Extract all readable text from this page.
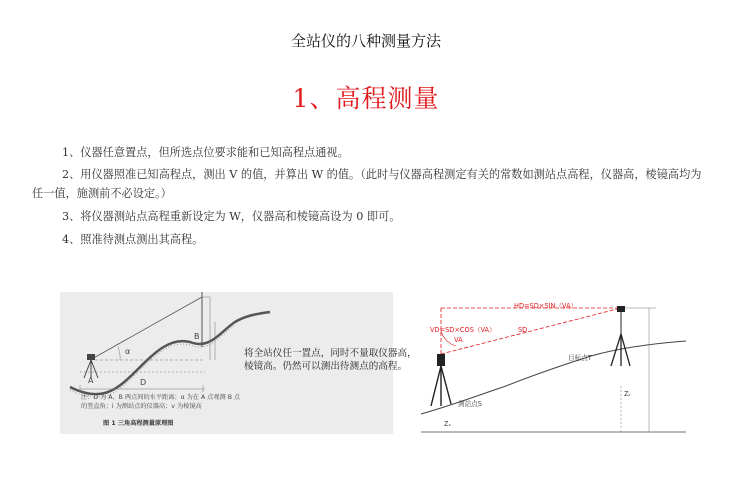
全站仪的八种测量方法
1、高程测量
1、仪器任意置点，但所选点位要求能和已知高程点通视。
2、用仪器照准已知高程点，测出 V 的值，并算出 W 的值。（此时与仪器高程测定有关的常数如测站点高程，仪器高，棱镜高均为
任一值，施测前不必设定。）
3、将仪器测站点高程重新设定为 W，仪器高和棱镜高设为 0 即可。
4、照准待测点测出其高程。
A
B
D
α
注：D 为 A、B 两点间的水平距离；α 为在 A 点观测 B 点
的竖直角；i 为测站点的仪器高；v 为棱镜高
图 1 三角高程测量原理图
将全站仪任一置点，同时不量取仪器高，
棱镜高。仍然可以测出待测点的高程。
HD=SD×SIN（VA）
VD=SD×COS（VA）	SD
VA
目标点T
测站点S
Zₜ
Zₛ
